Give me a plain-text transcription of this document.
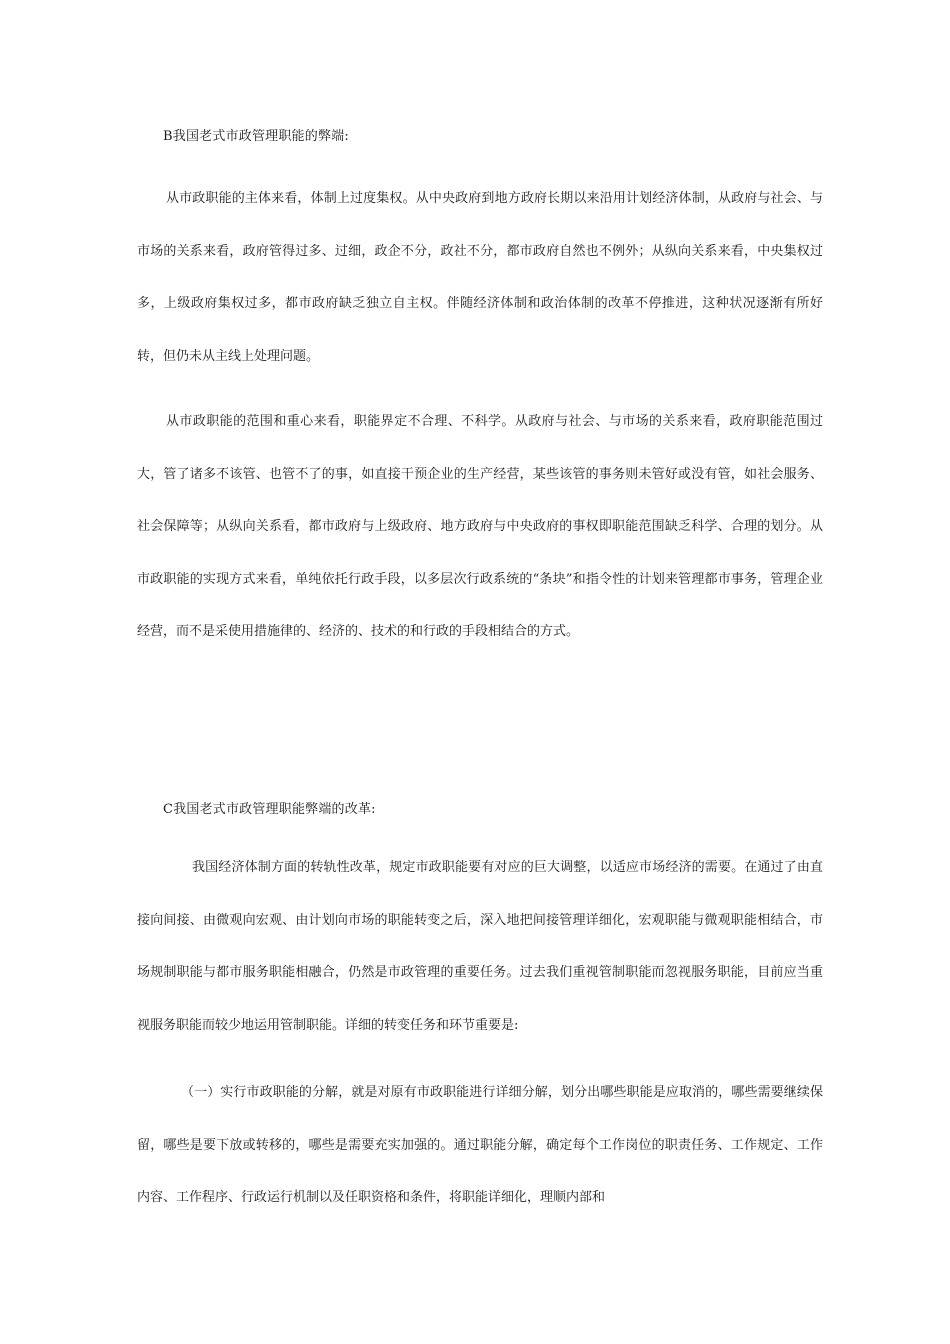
B我国老式市政管理职能的弊端:

从市政职能的主体来看，体制上过度集权。从中央政府到地方政府长期以来沿用计划经济体制，从政府与社会、与市场的关系来看，政府管得过多、过细，政企不分，政社不分，都市政府自然也不例外；从纵向关系来看，中央集权过多，上级政府集权过多，都市政府缺乏独立自主权。伴随经济体制和政治体制的改革不停推进，这种状况逐渐有所好转，但仍未从主线上处理问题。

从市政职能的范围和重心来看，职能界定不合理、不科学。从政府与社会、与市场的关系来看，政府职能范围过大，管了诸多不该管、也管不了的事，如直接干预企业的生产经营，某些该管的事务则未管好或没有管，如社会服务、社会保障等；从纵向关系看，都市政府与上级政府、地方政府与中央政府的事权即职能范围缺乏科学、合理的划分。从市政职能的实现方式来看，单纯依托行政手段，以多层次行政系统的“条块”和指令性的计划来管理都市事务，管理企业经营，而不是采使用措施律的、经济的、技术的和行政的手段相结合的方式。

C我国老式市政管理职能弊端的改革:

我国经济体制方面的转轨性改革，规定市政职能要有对应的巨大调整，以适应市场经济的需要。在通过了由直接向间接、由微观向宏观、由计划向市场的职能转变之后，深入地把间接管理详细化，宏观职能与微观职能相结合，市场规制职能与都市服务职能相融合，仍然是市政管理的重要任务。过去我们重视管制职能而忽视服务职能，目前应当重视服务职能而较少地运用管制职能。详细的转变任务和环节重要是:

（一）实行市政职能的分解，就是对原有市政职能进行详细分解，划分出哪些职能是应取消的，哪些需要继续保留，哪些是要下放或转移的，哪些是需要充实加强的。通过职能分解，确定每个工作岗位的职责任务、工作规定、工作内容、工作程序、行政运行机制以及任职资格和条件，将职能详细化，理顺内部和
